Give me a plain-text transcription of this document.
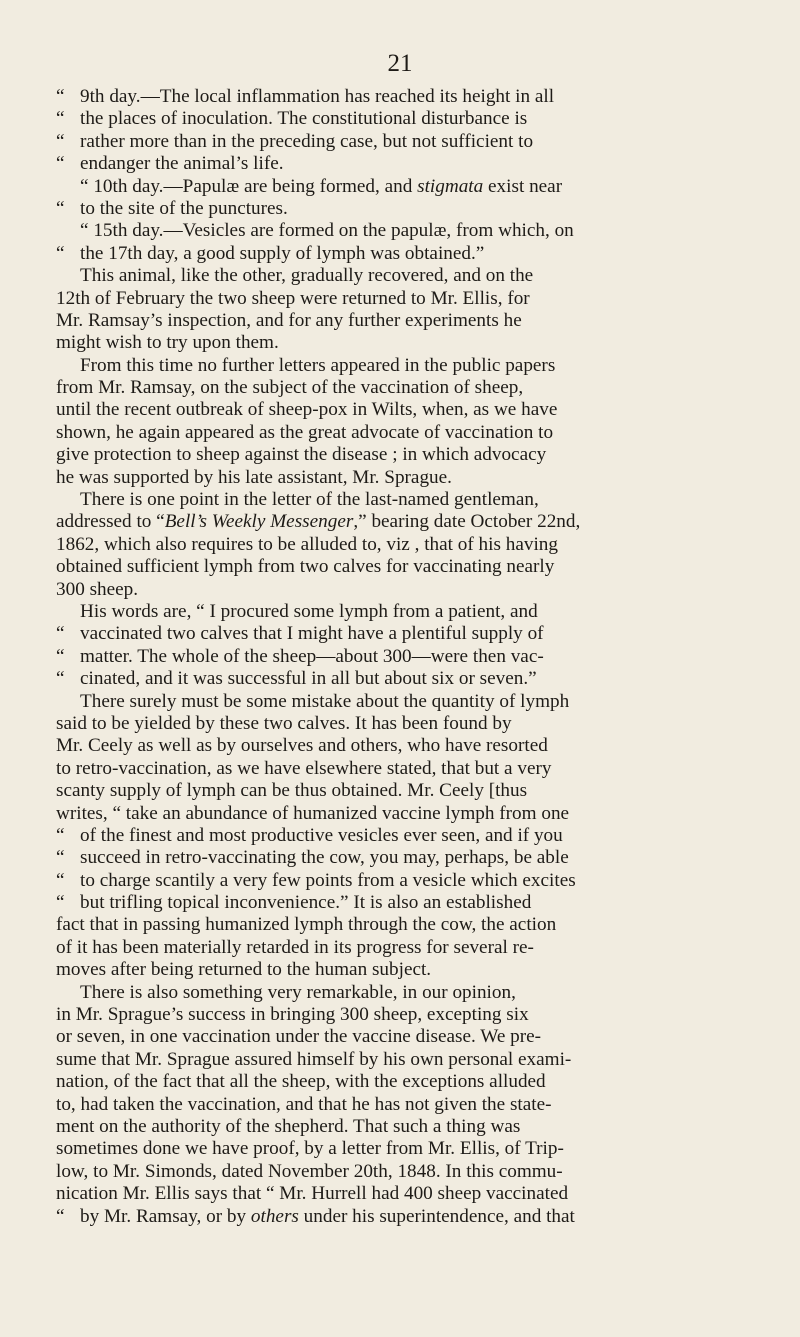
21
“ 9th day.—The local inflammation has reached its height in all
“ the places of inoculation. The constitutional disturbance is
“ rather more than in the preceding case, but not sufficient to
“ endanger the animal’s life.
“ 10th day.—Papulæ are being formed, and stigmata exist near
“ to the site of the punctures.
“ 15th day.—Vesicles are formed on the papulæ, from which, on
“ the 17th day, a good supply of lymph was obtained.”
This animal, like the other, gradually recovered, and on the
12th of February the two sheep were returned to Mr. Ellis, for
Mr. Ramsay’s inspection, and for any further experiments he
might wish to try upon them.
From this time no further letters appeared in the public papers
from Mr. Ramsay, on the subject of the vaccination of sheep,
until the recent outbreak of sheep-pox in Wilts, when, as we have
shown, he again appeared as the great advocate of vaccination to
give protection to sheep against the disease ; in which advocacy
he was supported by his late assistant, Mr. Sprague.
There is one point in the letter of the last-named gentleman,
addressed to “Bell’s Weekly Messenger,” bearing date October 22nd,
1862, which also requires to be alluded to, viz , that of his having
obtained sufficient lymph from two calves for vaccinating nearly
300 sheep.
His words are, “ I procured some lymph from a patient, and
“ vaccinated two calves that I might have a plentiful supply of
“ matter. The whole of the sheep—about 300—were then vac-
“ cinated, and it was successful in all but about six or seven.”
There surely must be some mistake about the quantity of lymph
said to be yielded by these two calves. It has been found by
Mr. Ceely as well as by ourselves and others, who have resorted
to retro-vaccination, as we have elsewhere stated, that but a very
scanty supply of lymph can be thus obtained. Mr. Ceely [thus
writes, “ take an abundance of humanized vaccine lymph from one
“ of the finest and most productive vesicles ever seen, and if you
“ succeed in retro-vaccinating the cow, you may, perhaps, be able
“ to charge scantily a very few points from a vesicle which excites
“ but trifling topical inconvenience.” It is also an established
fact that in passing humanized lymph through the cow, the action
of it has been materially retarded in its progress for several re-
moves after being returned to the human subject.
There is also something very remarkable, in our opinion,
in Mr. Sprague’s success in bringing 300 sheep, excepting six
or seven, in one vaccination under the vaccine disease. We pre-
sume that Mr. Sprague assured himself by his own personal exami-
nation, of the fact that all the sheep, with the exceptions alluded
to, had taken the vaccination, and that he has not given the state-
ment on the authority of the shepherd. That such a thing was
sometimes done we have proof, by a letter from Mr. Ellis, of Trip-
low, to Mr. Simonds, dated November 20th, 1848. In this commu-
nication Mr. Ellis says that “ Mr. Hurrell had 400 sheep vaccinated
“ by Mr. Ramsay, or by others under his superintendence, and that
